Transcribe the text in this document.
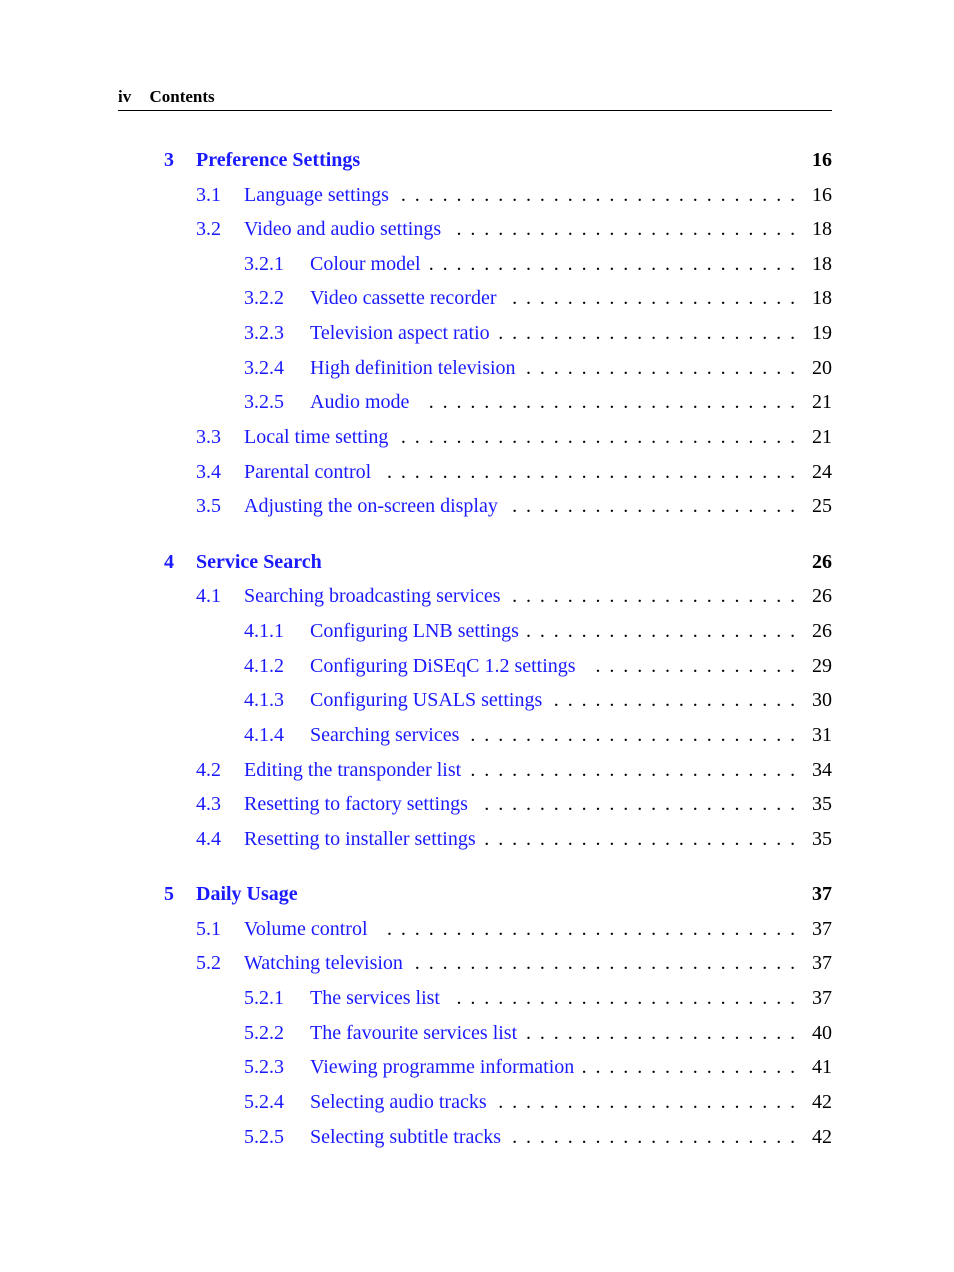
iv Contents
3 Preference Settings	16
3.1 Language settings ............................. 16
3.2 Video and audio settings ......................... 18
3.2.1 Colour model ........................... 18
3.2.2 Video cassette recorder ..................... 18
3.2.3 Television aspect ratio ...................... 19
3.2.4 High definition television .................... 20
3.2.5 Audio mode ........................... 21
3.3 Local time setting ............................. 21
3.4 Parental control .............................. 24
3.5 Adjusting the on-screen display ..................... 25
4 Service Search	26
4.1 Searching broadcasting services ..................... 26
4.1.1 Configuring LNB settings .................... 26
4.1.2 Configuring DiSEqC 1.2 settings ............... 29
4.1.3 Configuring USALS settings .................. 30
4.1.4 Searching services ........................ 31
4.2 Editing the transponder list ........................ 34
4.3 Resetting to factory settings ....................... 35
4.4 Resetting to installer settings ....................... 35
5 Daily Usage	37
5.1 Volume control .............................. 37
5.2 Watching television ............................ 37
5.2.1 The services list ......................... 37
5.2.2 The favourite services list .................... 40
5.2.3 Viewing programme information ................ 41
5.2.4 Selecting audio tracks ...................... 42
5.2.5 Selecting subtitle tracks ..................... 42
